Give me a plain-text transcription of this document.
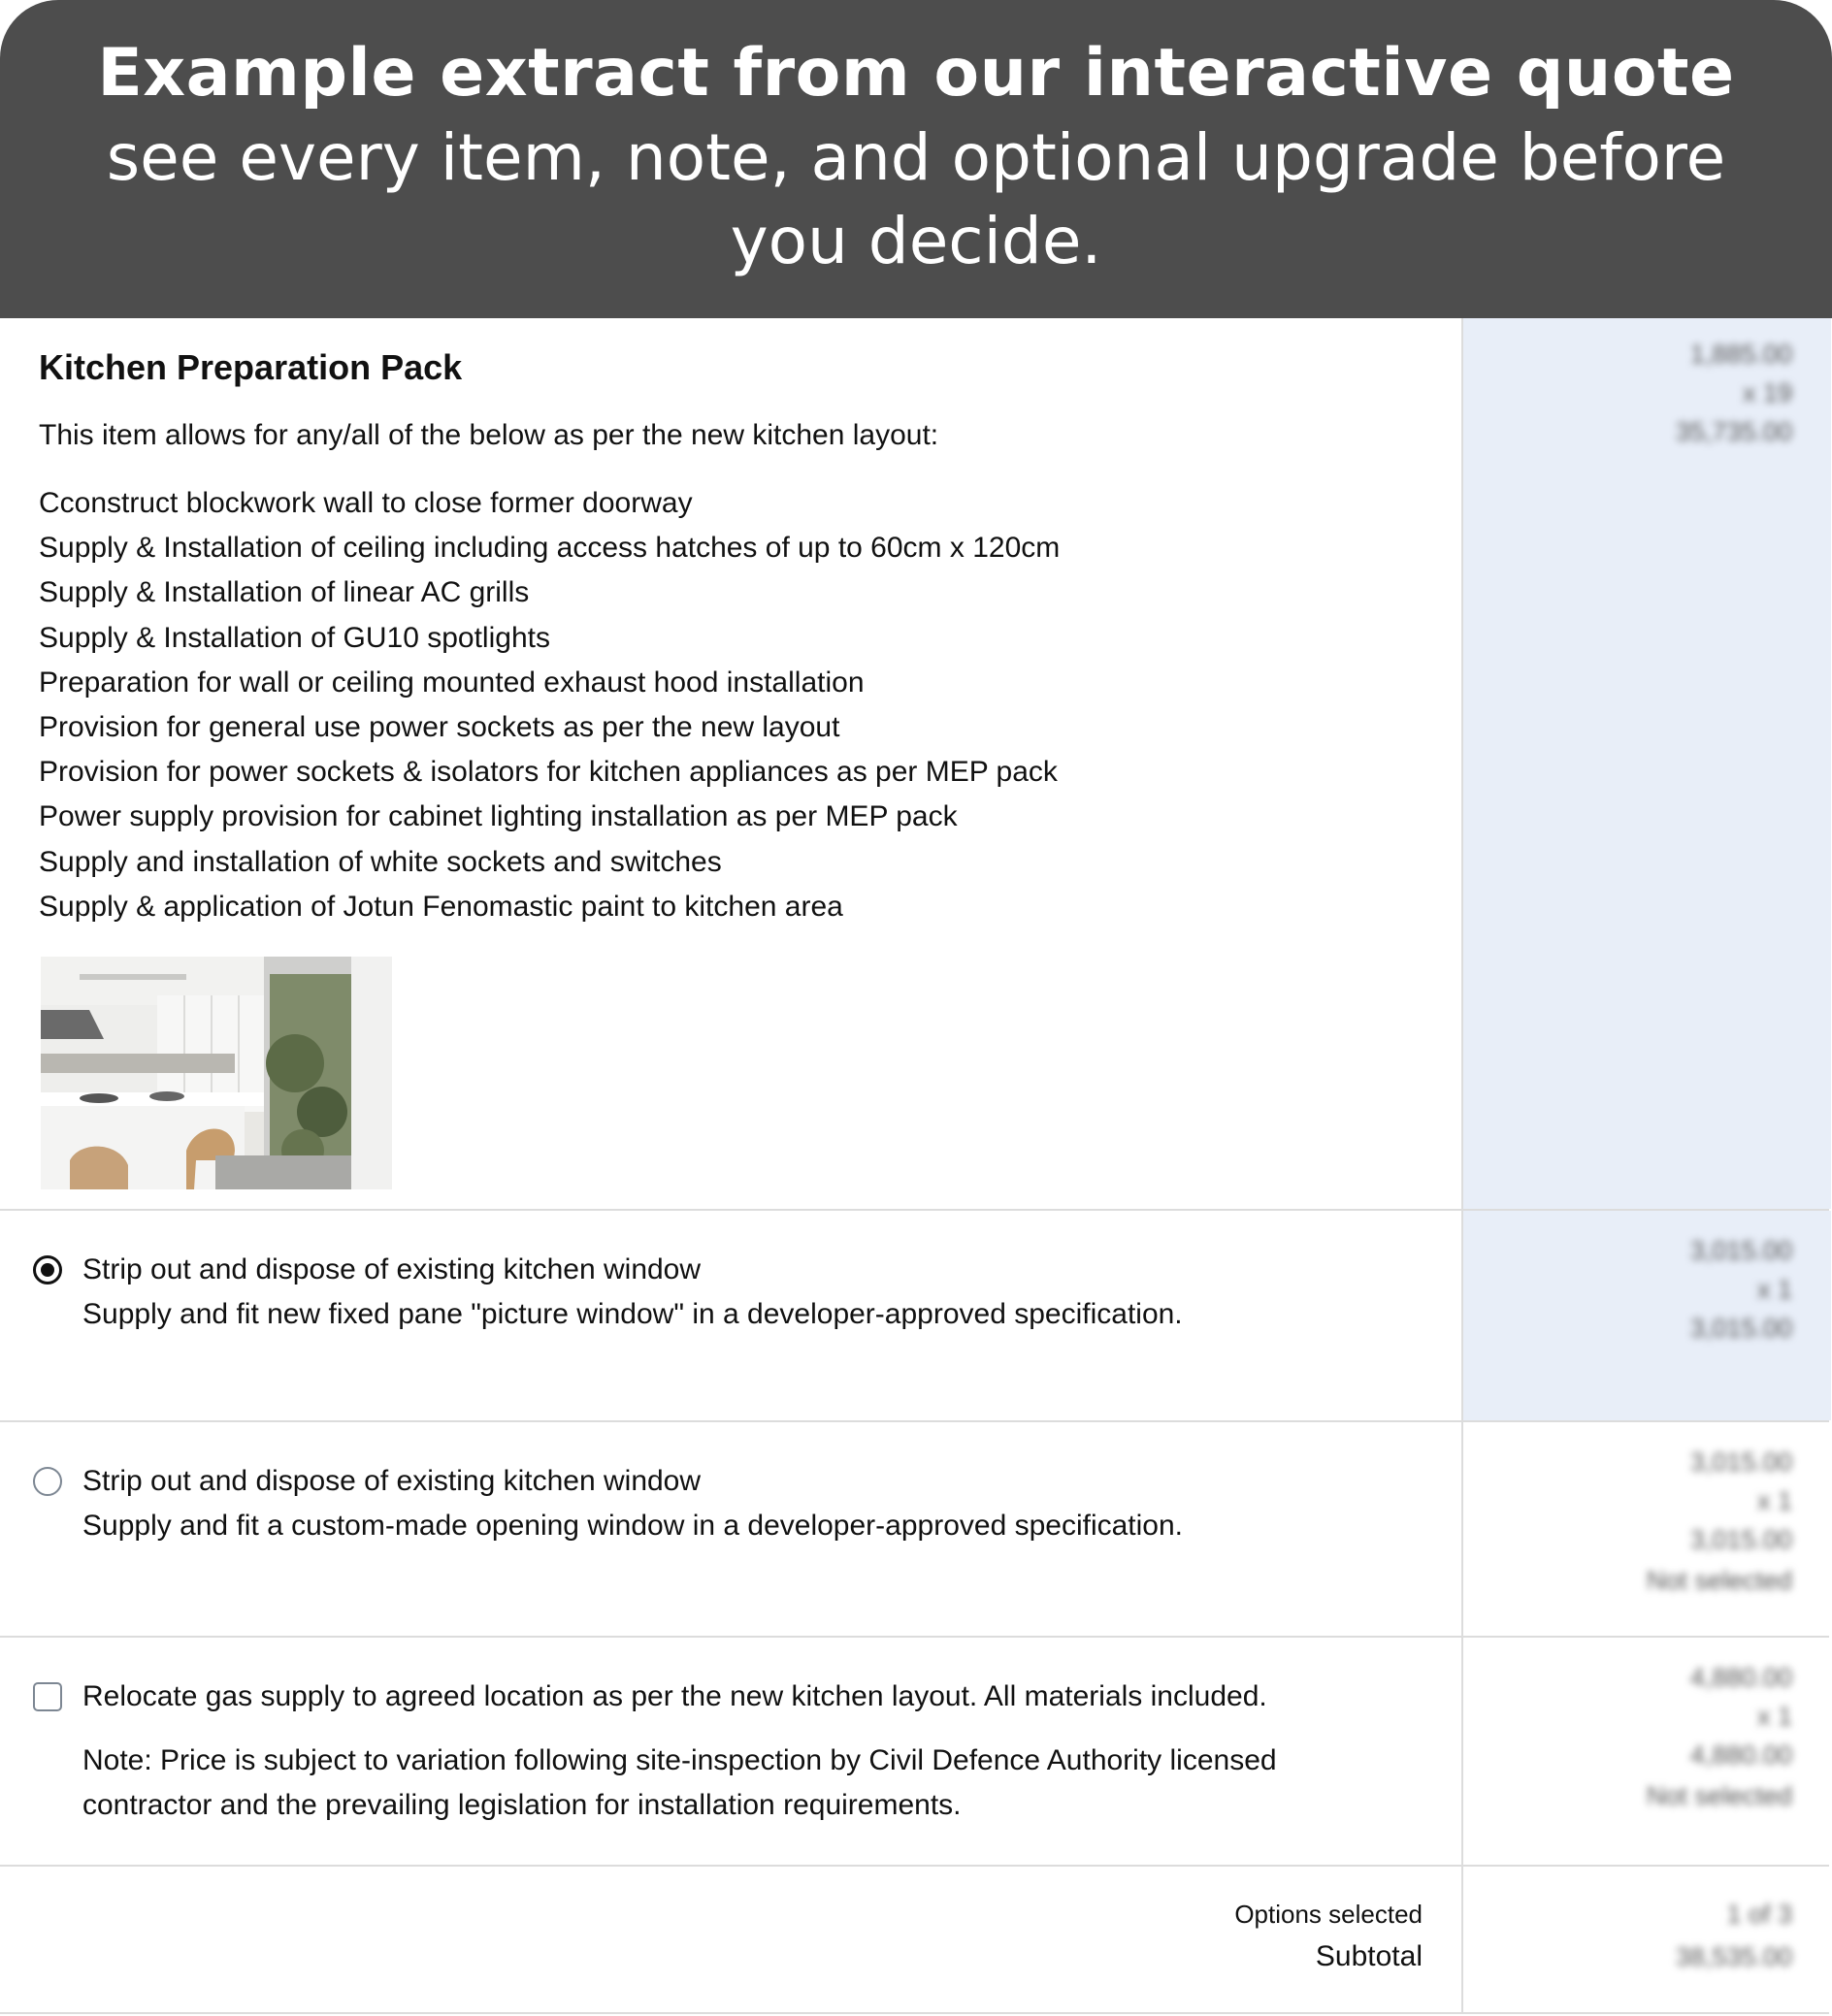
Example extract from our interactive quote
see every item, note, and optional upgrade before you decide.
Kitchen Preparation Pack
This item allows for any/all of the below as per the new kitchen layout:
Cconstruct blockwork wall to close former doorway
Supply & Installation of ceiling including access hatches of up to 60cm x 120cm
Supply & Installation of linear AC grills
Supply & Installation of GU10 spotlights
Preparation for wall or ceiling mounted exhaust hood installation
Provision for general use power sockets as per the new layout
Provision for power sockets & isolators for kitchen appliances as per MEP pack
Power supply provision for cabinet lighting installation as per MEP pack
Supply and installation of white sockets and switches
Supply & application of Jotun Fenomastic paint to kitchen area
1,885.00
x 19
35,735.00
Strip out and dispose of existing kitchen window
Supply and fit new fixed pane "picture window" in a developer-approved specification.
3,015.00
x 1
3,015.00
Strip out and dispose of existing kitchen window
Supply and fit a custom-made opening window in a developer-approved specification.
3,015.00
x 1
3,015.00
Not selected
Relocate gas supply to agreed location as per the new kitchen layout. All materials included.
Note: Price is subject to variation following site-inspection by Civil Defence Authority licensed contractor and the prevailing legislation for installation requirements.
4,880.00
x 1
4,880.00
Not selected
Options selected
Subtotal
1 of 3
38,535.00
